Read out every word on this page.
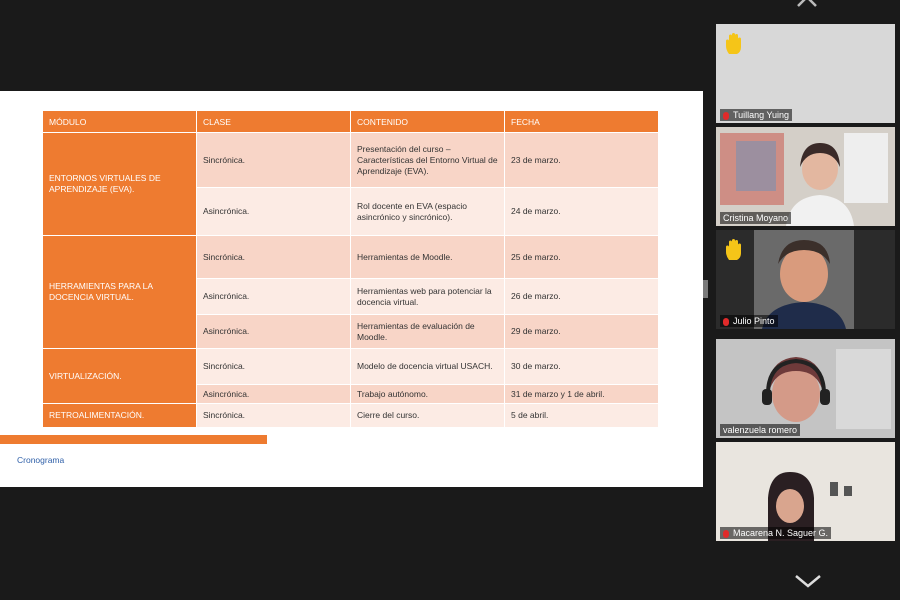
MÓDULO	CLASE	CONTENIDO	FECHA
ENTORNOS VIRTUALES DE APRENDIZAJE (EVA).	Sincrónica.	Presentación del curso – Características del Entorno Virtual de Aprendizaje (EVA).	23 de marzo.
	Asincrónica.	Rol docente en EVA (espacio asincrónico y sincrónico).	24 de marzo.
HERRAMIENTAS PARA LA DOCENCIA VIRTUAL.	Sincrónica.	Herramientas de Moodle.	25 de marzo.
	Asincrónica.	Herramientas web para potenciar la docencia virtual.	26 de marzo.
	Asincrónica.	Herramientas de evaluación de Moodle.	29 de marzo.
VIRTUALIZACIÓN.	Sincrónica.	Modelo de docencia virtual USACH.	30 de marzo.
	Asincrónica.	Trabajo autónomo.	31 de marzo y 1 de abril.
RETROALIMENTACIÓN.	Sincrónica.	Cierre del curso.	5 de abril.
Cronograma
Tuillang Yuing
Cristina Moyano
Julio Pinto
valenzuela romero
Macarena N. Saguer G.
